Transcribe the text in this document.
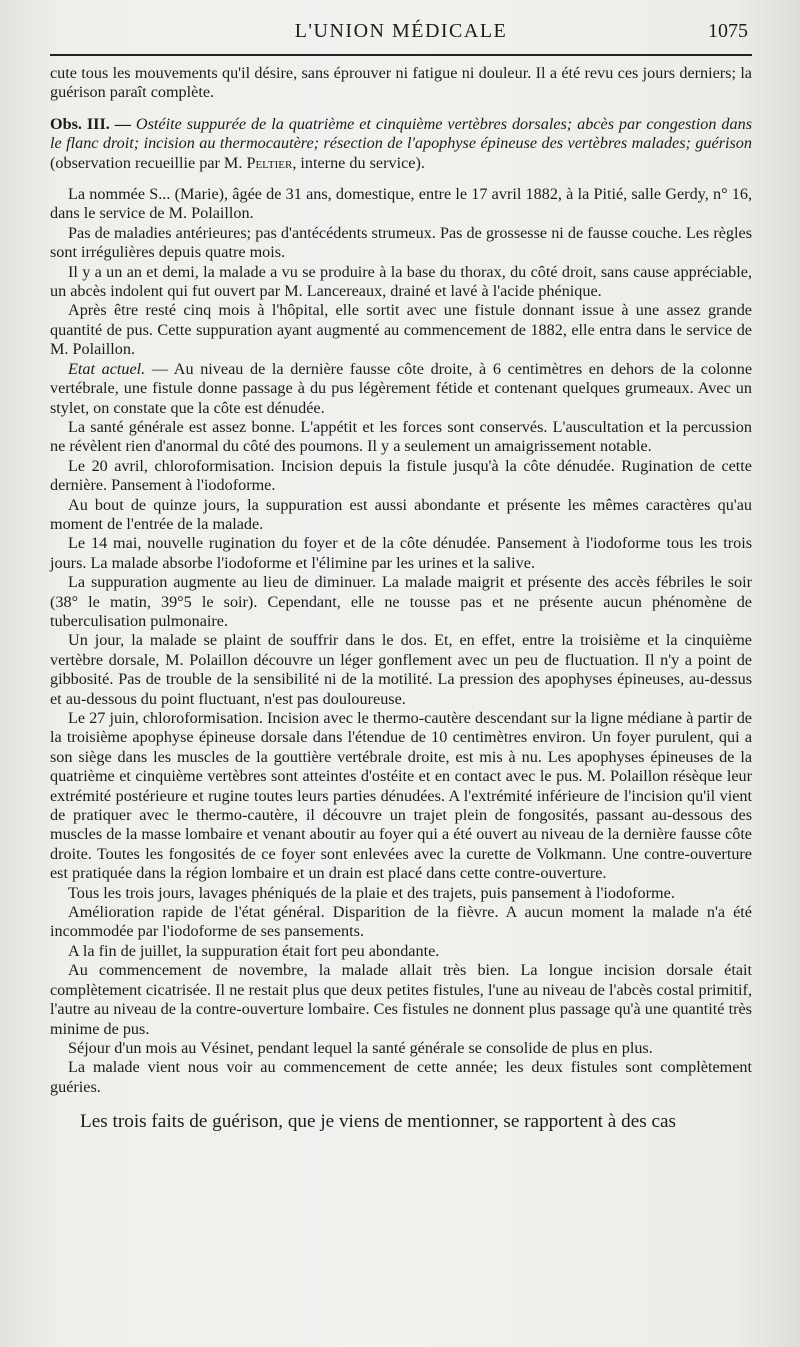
L'UNION MÉDICALE	1075

cute tous les mouvements qu'il désire, sans éprouver ni fatigue ni douleur. Il a été revu ces jours derniers; la guérison paraît complète.

Obs. III. — Ostéite suppurée de la quatrième et cinquième vertèbres dorsales; abcès par congestion dans le flanc droit; incision au thermocautère; résection de l'apophyse épineuse des vertèbres malades; guérison (observation recueillie par M. Peltier, interne du service).

La nommée S... (Marie), âgée de 31 ans, domestique, entre le 17 avril 1882, à la Pitié, salle Gerdy, n° 16, dans le service de M. Polaillon.

Pas de maladies antérieures; pas d'antécédents strumeux. Pas de grossesse ni de fausse couche. Les règles sont irrégulières depuis quatre mois.

Il y a un an et demi, la malade a vu se produire à la base du thorax, du côté droit, sans cause appréciable, un abcès indolent qui fut ouvert par M. Lancereaux, drainé et lavé à l'acide phénique.

Après être resté cinq mois à l'hôpital, elle sortit avec une fistule donnant issue à une assez grande quantité de pus. Cette suppuration ayant augmenté au commencement de 1882, elle entra dans le service de M. Polaillon.

Etat actuel. — Au niveau de la dernière fausse côte droite, à 6 centimètres en dehors de la colonne vertébrale, une fistule donne passage à du pus légèrement fétide et contenant quelques grumeaux. Avec un stylet, on constate que la côte est dénudée.

La santé générale est assez bonne. L'appétit et les forces sont conservés. L'auscultation et la percussion ne révèlent rien d'anormal du côté des poumons. Il y a seulement un amaigrissement notable.

Le 20 avril, chloroformisation. Incision depuis la fistule jusqu'à la côte dénudée. Rugination de cette dernière. Pansement à l'iodoforme.

Au bout de quinze jours, la suppuration est aussi abondante et présente les mêmes caractères qu'au moment de l'entrée de la malade.

Le 14 mai, nouvelle rugination du foyer et de la côte dénudée. Pansement à l'iodoforme tous les trois jours. La malade absorbe l'iodoforme et l'élimine par les urines et la salive.

La suppuration augmente au lieu de diminuer. La malade maigrit et présente des accès fébriles le soir (38° le matin, 39°5 le soir). Cependant, elle ne tousse pas et ne présente aucun phénomène de tuberculisation pulmonaire.

Un jour, la malade se plaint de souffrir dans le dos. Et, en effet, entre la troisième et la cinquième vertèbre dorsale, M. Polaillon découvre un léger gonflement avec un peu de fluctuation. Il n'y a point de gibbosité. Pas de trouble de la sensibilité ni de la motilité. La pression des apophyses épineuses, au-dessus et au-dessous du point fluctuant, n'est pas douloureuse.

Le 27 juin, chloroformisation. Incision avec le thermo-cautère descendant sur la ligne médiane à partir de la troisième apophyse épineuse dorsale dans l'étendue de 10 centimètres environ. Un foyer purulent, qui a son siège dans les muscles de la gouttière vertébrale droite, est mis à nu. Les apophyses épineuses de la quatrième et cinquième vertèbres sont atteintes d'ostéite et en contact avec le pus. M. Polaillon résèque leur extrémité postérieure et rugine toutes leurs parties dénudées. A l'extrémité inférieure de l'incision qu'il vient de pratiquer avec le thermo-cautère, il découvre un trajet plein de fongosités, passant au-dessous des muscles de la masse lombaire et venant aboutir au foyer qui a été ouvert au niveau de la dernière fausse côte droite. Toutes les fongosités de ce foyer sont enlevées avec la curette de Volkmann. Une contre-ouverture est pratiquée dans la région lombaire et un drain est placé dans cette contre-ouverture.

Tous les trois jours, lavages phéniqués de la plaie et des trajets, puis pansement à l'iodoforme.

Amélioration rapide de l'état général. Disparition de la fièvre. A aucun moment la malade n'a été incommodée par l'iodoforme de ses pansements.

A la fin de juillet, la suppuration était fort peu abondante.

Au commencement de novembre, la malade allait très bien. La longue incision dorsale était complètement cicatrisée. Il ne restait plus que deux petites fistules, l'une au niveau de l'abcès costal primitif, l'autre au niveau de la contre-ouverture lombaire. Ces fistules ne donnent plus passage qu'à une quantité très minime de pus.

Séjour d'un mois au Vésinet, pendant lequel la santé générale se consolide de plus en plus.

La malade vient nous voir au commencement de cette année; les deux fistules sont complètement guéries.

Les trois faits de guérison, que je viens de mentionner, se rapportent à des cas
